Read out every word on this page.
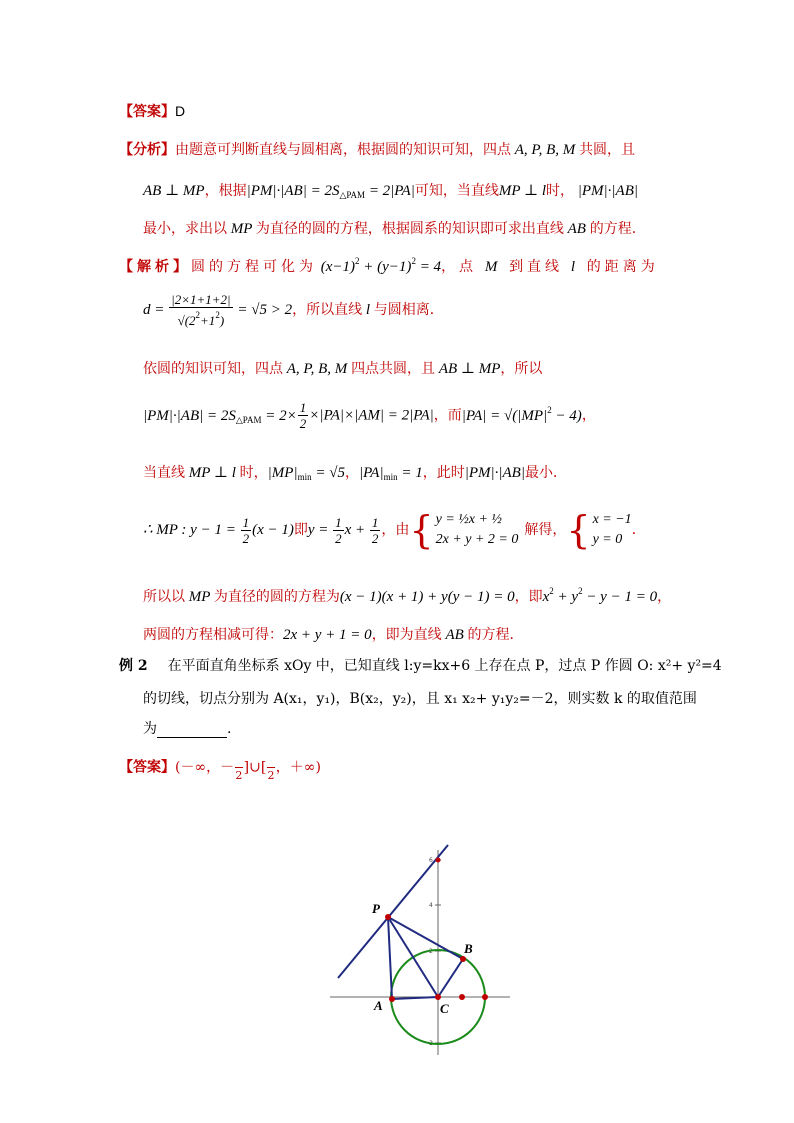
【答案】D
【分析】由题意可判断直线与圆相离，根据圆的知识可知，四点 A, P, B, M 共圆，且
AB ⊥ MP，根据$|PM|\cdot|AB| = 2S_{\triangle PAM} = 2|PA|$可知，当直线MP ⊥ l时， |PM|·|AB|
最小，求出以 MP 为直径的圆的方程，根据圆系的知识即可求出直线 AB 的方程．
【解析】圆的方程可化为 $(x-1)^2 + (y-1)^2 = 4$，点 M 到直线 l 的距离为
$d = \frac{|2\times 1+1+2|}{√(2^2+1^2)} = √5 > 2$，所以直线 l 与圆相离．
依圆的知识可知，四点 A, P, B, M 四点共圆，且 AB ⊥ MP，所以
$|PM|\cdot|AB| = 2S_{\triangle PAM} = 2\times \frac{1}{2} \times|PA|\times|AM| = 2|PA|$，而$|PA| = √(|MP|^2 - 4)$，
当直线 MP ⊥ l 时，$|MP|_{min} = √5$，$|PA|_{min} = 1$，此时|PM|·|AB|最小．
∴ MP : $y - 1 = \frac{1}{2} (x - 1)$即$y = \frac{1}{2}$ $x + \frac{1}{2}$ ，由{ y = ½x + ½
2x + y + 2 = 0
解得，{ x = −1
y = 0
．
所以以 MP 为直径的圆的方程为(x − 1)(x + 1) + y(y − 1) = 0，即$x^2 + y^2 - y - 1 = 0$，
两圆的方程相减可得：2x + y + 1 = 0，即为直线 AB 的方程．
例 2 在平面直角坐标系 xOy 中，已知直线 l:y=kx+6 上存在点 P，过点 P 作圆 O: x²+ y²=4
的切线，切点分别为 A(x₁，y₁)，B(x₂，y₂)，且 x₁ x₂+ y₁y₂=－2，则实数 k 的取值范围
为	.
【答案】(－∞，－
2 ]∪[
2 ，＋∞)
6
4
2
-2
P
A
B
C
